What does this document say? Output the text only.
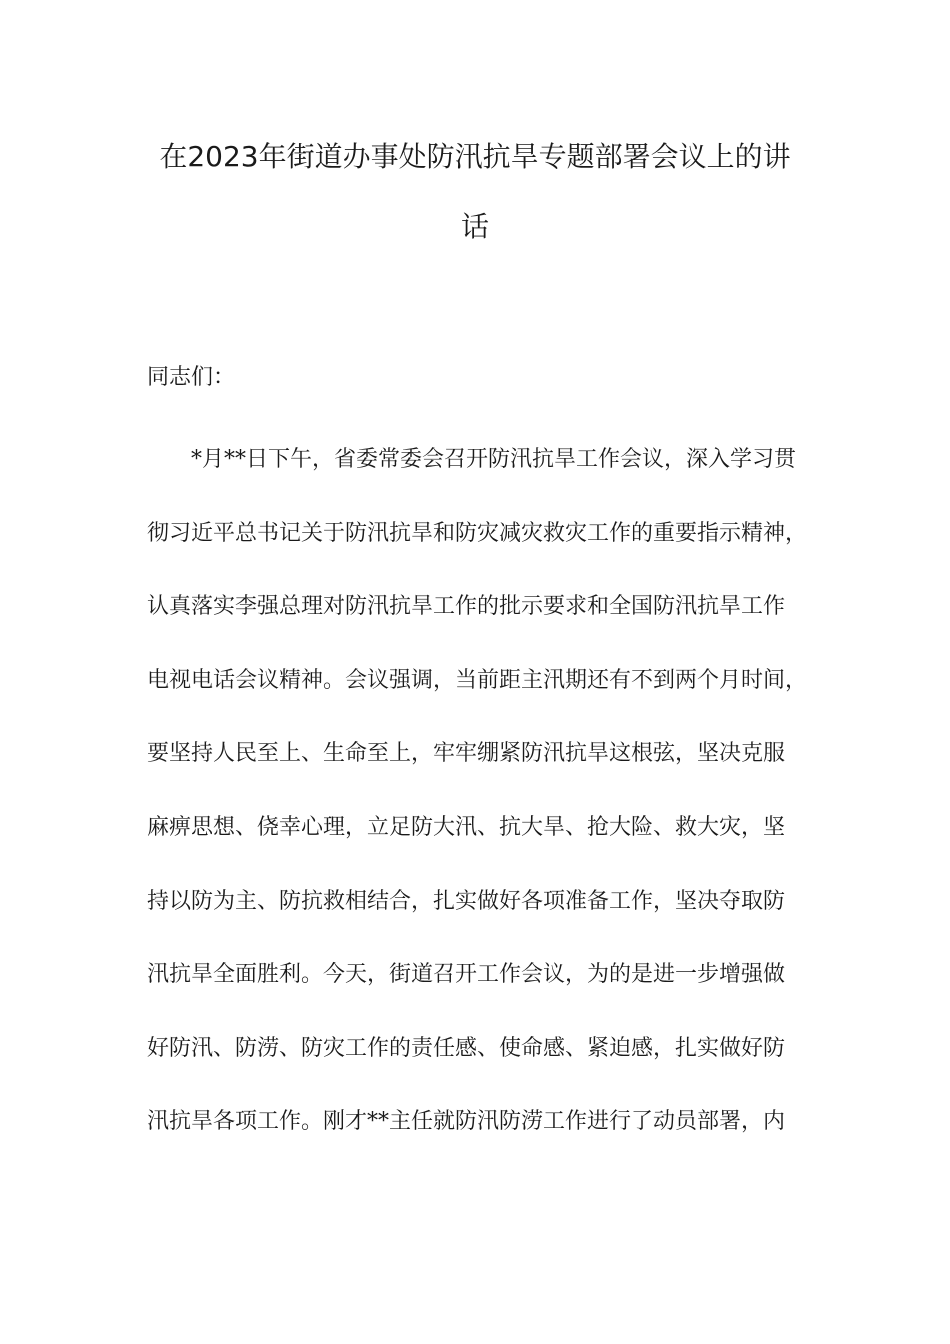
在2023年街道办事处防汛抗旱专题部署会议上的讲
话

同志们：

*月**日下午，省委常委会召开防汛抗旱工作会议，深入学习贯
彻习近平总书记关于防汛抗旱和防灾减灾救灾工作的重要指示精神，
认真落实李强总理对防汛抗旱工作的批示要求和全国防汛抗旱工作
电视电话会议精神。会议强调，当前距主汛期还有不到两个月时间，
要坚持人民至上、生命至上，牢牢绷紧防汛抗旱这根弦，坚决克服
麻痹思想、侥幸心理，立足防大汛、抗大旱、抢大险、救大灾，坚
持以防为主、防抗救相结合，扎实做好各项准备工作，坚决夺取防
汛抗旱全面胜利。今天，街道召开工作会议，为的是进一步增强做
好防汛、防涝、防灾工作的责任感、使命感、紧迫感，扎实做好防
汛抗旱各项工作。刚才**主任就防汛防涝工作进行了动员部署，内
